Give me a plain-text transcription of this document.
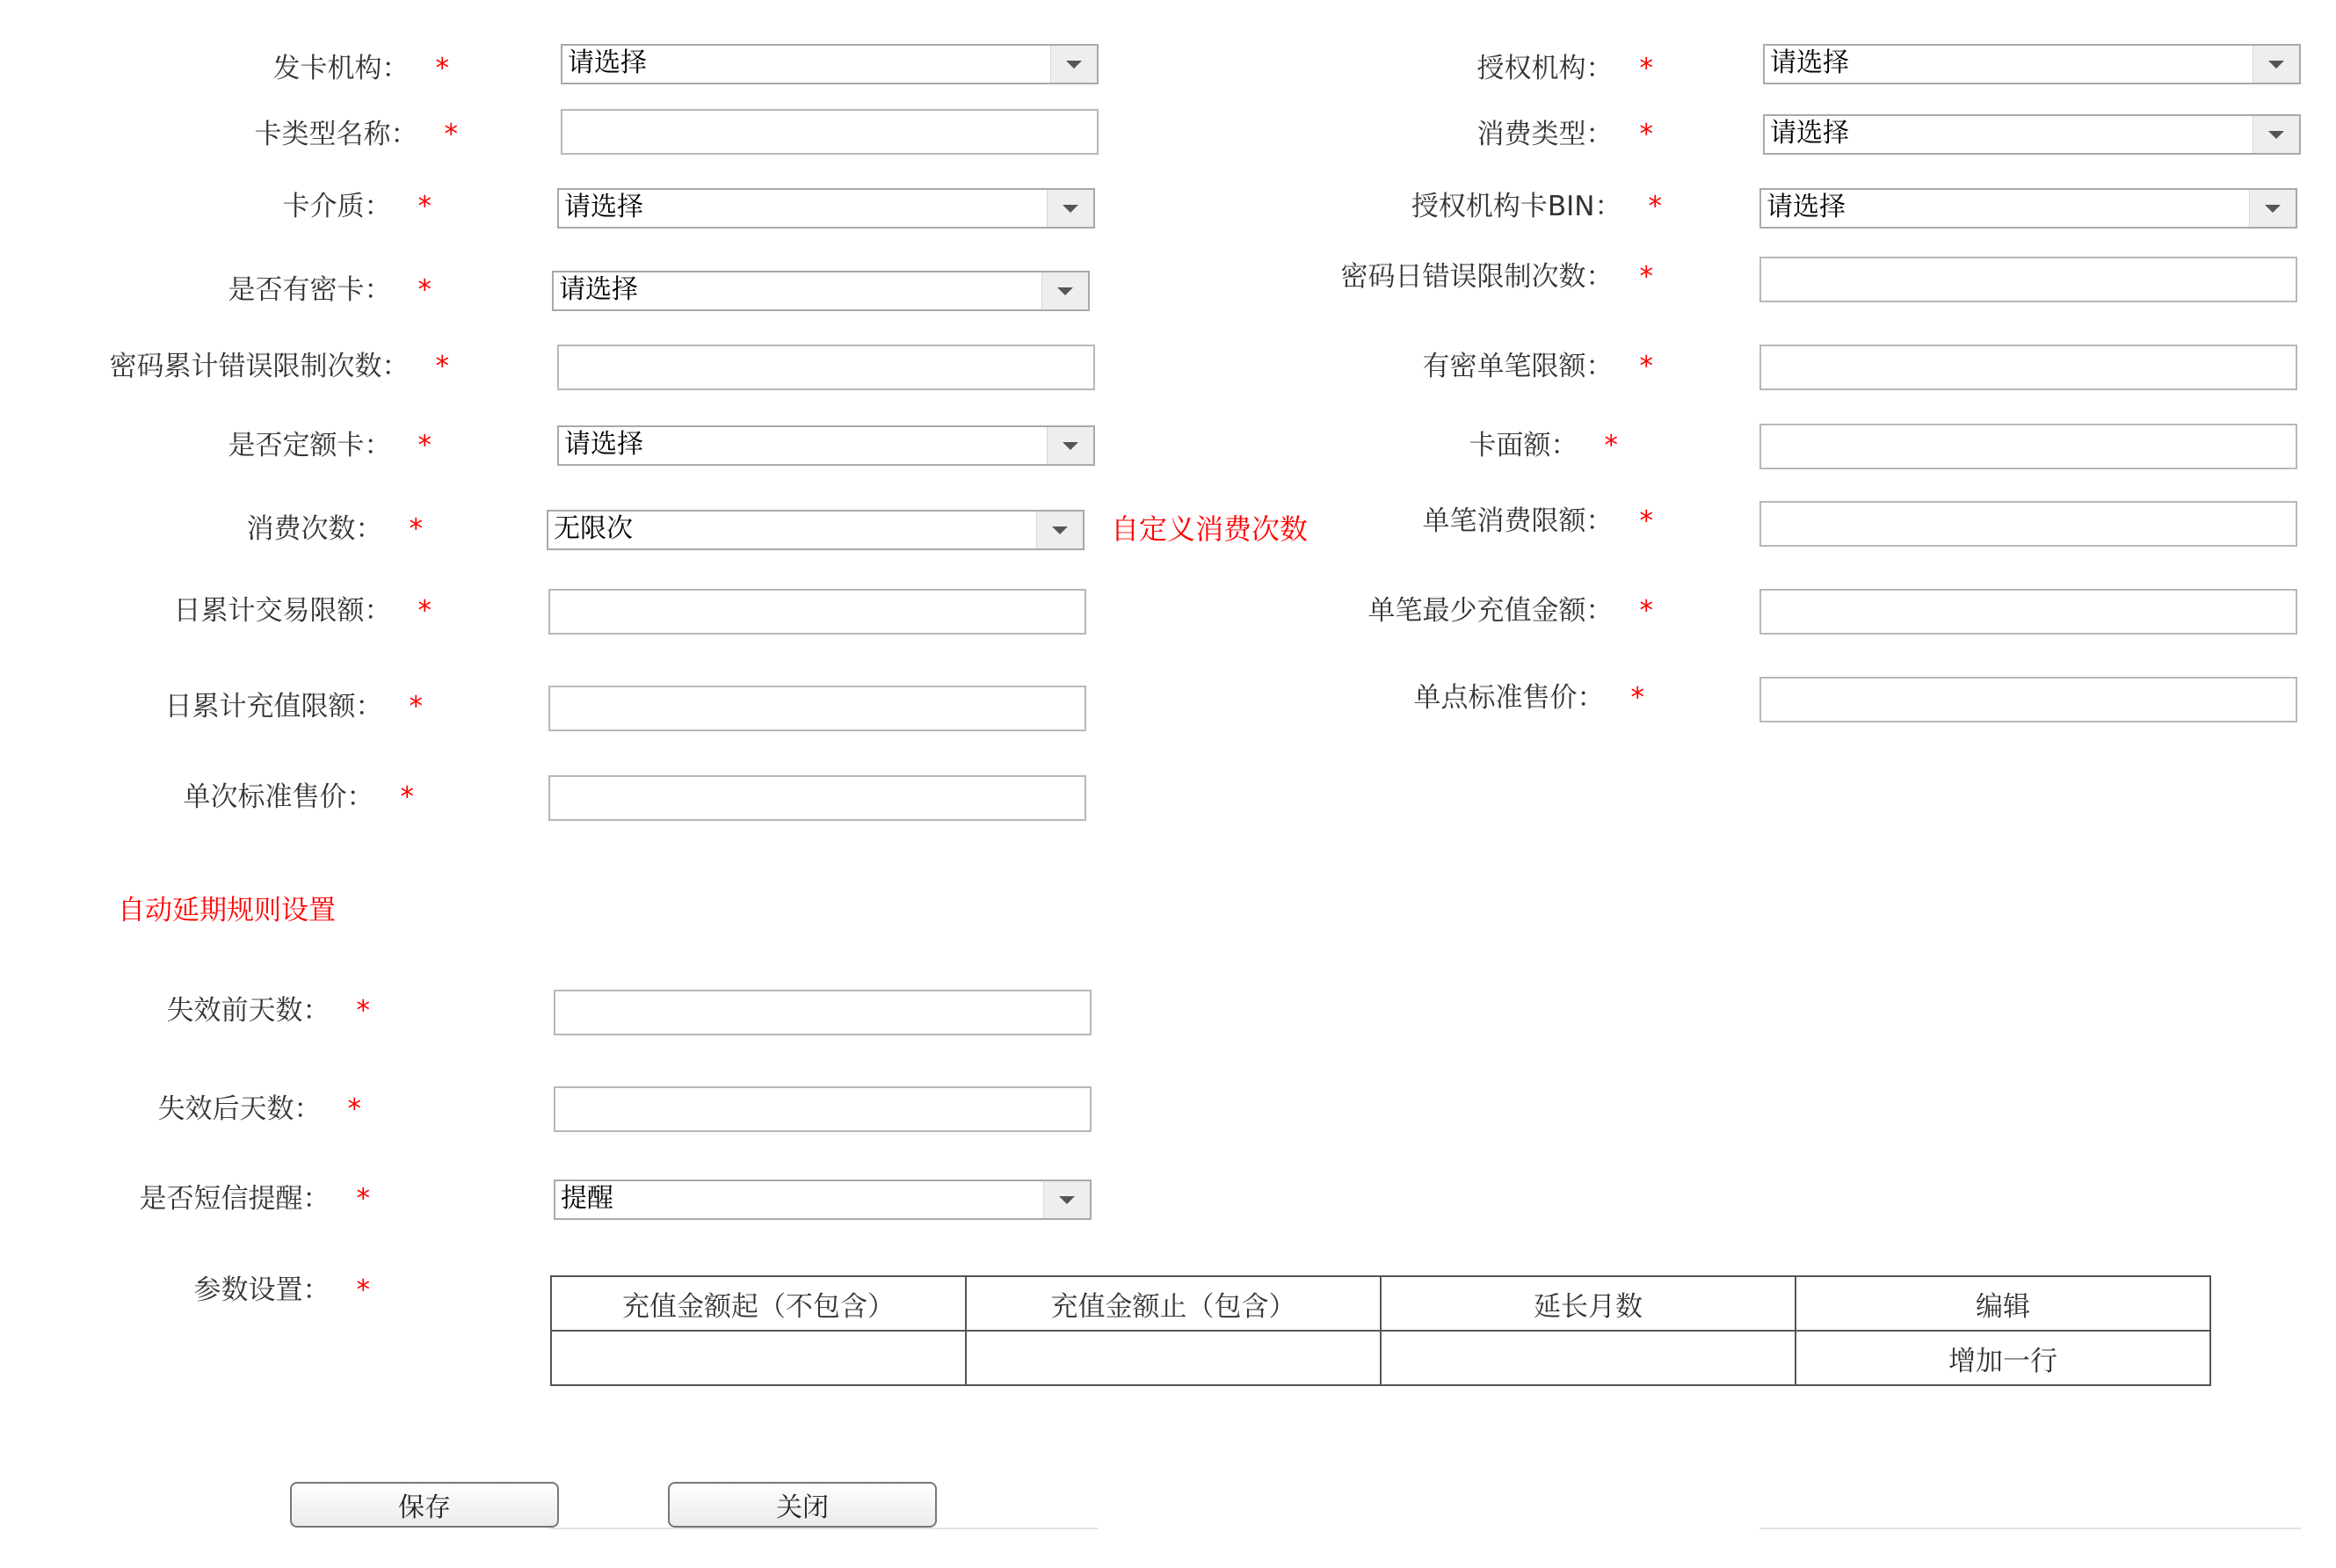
发卡机构： *	请选择	授权机构： *	请选择
卡类型名称： *	消费类型： *	请选择
卡介质： *	请选择	授权机构卡BIN： *	请选择
是否有密卡： *	请选择	密码日错误限制次数： *
密码累计错误限制次数： *	有密单笔限额： *
是否定额卡： *	请选择	卡面额： *
消费次数： *	无限次	自定义消费次数	单笔消费限额： *
日累计交易限额： *	单笔最少充值金额： *
日累计充值限额： *	单点标准售价： *
单次标准售价： *
自动延期规则设置
失效前天数： *
失效后天数： *
是否短信提醒： *	提醒
参数设置： *
充值金额起（不包含）	充值金额止（包含）	延长月数	编辑
			增加一行
保存	关闭
